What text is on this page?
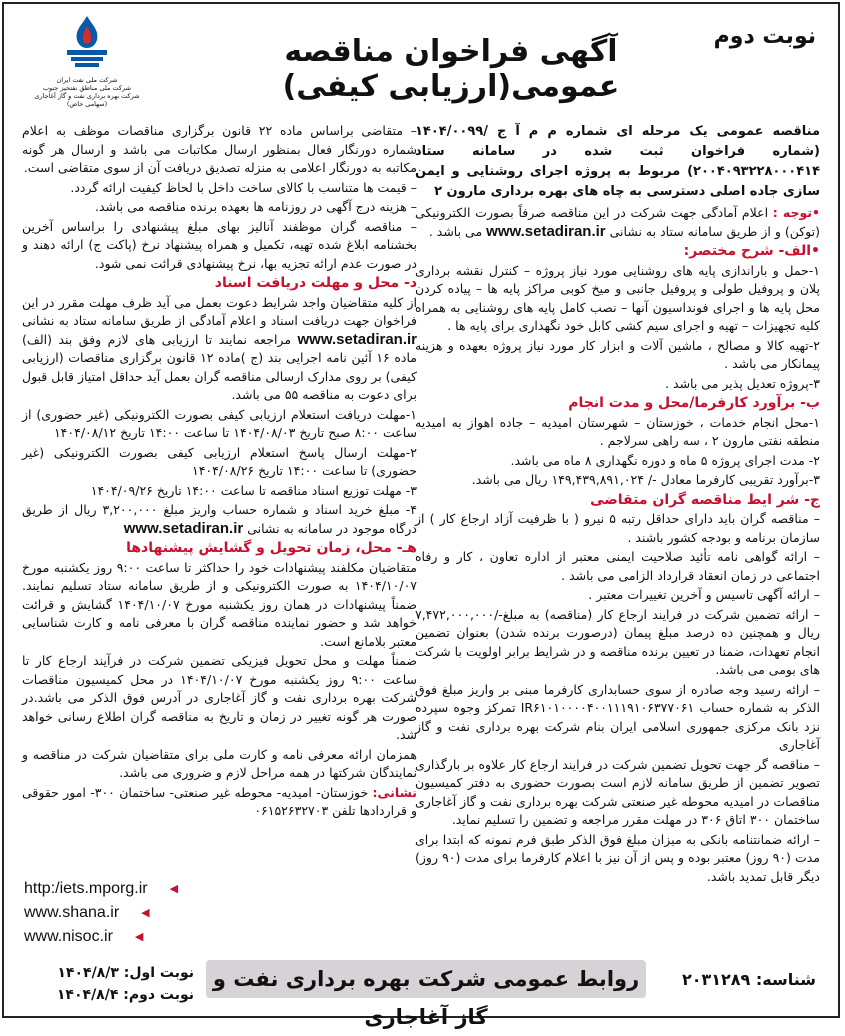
شرکت ملی نفت ایران
شرکت ملی مناطق نفتخیز جنوب
شرکت بهره برداری نفت و گاز آغاجاری
(سهامی خاص)
نوبت دوم
آگهی فراخوان مناقصه عمومی(ارزیابی کیفی)

مناقصه عمومی یک مرحله ای شماره م م آ ج /۱۴۰۴/۰۰۹۹ (شماره فراخوان ثبت شده در سامانه ستاد ۲۰۰۴۰۹۳۲۲۸۰۰۰۴۱۴) مربوط به پروژه اجرای روشنایی و ایمن سازی جاده اصلی دسترسی به چاه های بهره برداری مارون ۲

•توجه : اعلام آمادگی جهت شرکت در این مناقصه صرفاً بصورت الکترونیکی (توکن) و از طریق سامانه ستاد به نشانی www.setadiran.ir می باشد .

•الف- شرح مختصر:

۱-حمل و باراندازی پایه های روشنایی مورد نیاز پروژه – کنترل نقشه برداری پلان و پروفیل طولی و پروفیل جانبی و میخ کوبی مراکز پایه ها – پیاده کردن محل پایه ها و اجرای فونداسیون آنها – نصب کامل پایه های روشنایی به همراه کلیه تجهیزات – تهیه و اجرای سیم کشی کابل خود نگهداری برای پایه ها .

۲-تهیه کالا و مصالح ، ماشین آلات و ابزار کار مورد نیاز پروژه بعهده و هزینه پیمانکار می باشد .

۳-پروژه تعدیل پذیر می باشد .

ب- برآورد کارفرما/محل و مدت انجام

۱-محل انجام خدمات ، خوزستان – شهرستان امیدیه – جاده اهواز به امیدیه منطقه نفتی مارون ۲ ، سه راهی سرلاجم .

۲- مدت اجرای پروژه ۵ ماه و دوره نگهداری ۸ ماه می باشد.

۳-برآورد تقریبی کارفرما معادل -/ ۱۴۹,۴۳۹,۸۹۱,۰۲۴ ریال می باشد.

ج- شر ایط مناقصه گران متقاضی

– مناقصه گران باید دارای حداقل رتبه ۵ نیرو ( با ظرفیت آزاد ارجاع کار ) از سازمان برنامه و بودجه کشور باشند .

– ارائه گواهی نامه تأئید صلاحیت ایمنی معتبر از اداره تعاون ، کار و رفاه اجتماعی در زمان انعقاد قرارداد الزامی می باشد .

– ارائه آگهی تاسیس و آخرین تغییرات معتبر .

– ارائه تضمین شرکت در فرایند ارجاع کار (مناقصه) به مبلغ-/۷,۴۷۲,۰۰۰,۰۰۰ ریال و همچنین ده درصد مبلغ پیمان (درصورت برنده شدن) بعنوان تضمین انجام تعهدات، ضمنا در تعیین برنده مناقصه و در شرایط برابر اولویت با شرکت های بومی می باشد.

– ارائه رسید وجه صادره از سوی حسابداری کارفرما مبنی بر واریز مبلغ فوق الذکر به شماره حساب IR۶۱۰۱۰۰۰۰۴۰۰۱۱۱۹۱۰۶۳۷۷۰۶۱ تمرکز وجوه سپرده نزد بانک مرکزی جمهوری اسلامی ایران بنام شرکت بهره برداری نفت و گاز آغاجاری

– مناقصه گر جهت تحویل تضمین شرکت در فرایند ارجاع کار علاوه بر بارگذاری تصویر تضمین از طریق سامانه لازم است بصورت حضوری به دفتر کمیسیون مناقصات در امیدیه محوطه غیر صنعتی شرکت بهره برداری نفت و گاز آغاجاری ساختمان ۳۰۰ اتاق ۳۰۶ در مهلت مقرر مراجعه و تضمین را تسلیم نماید.

– ارائه ضمانتنامه بانکی به میزان مبلغ فوق الذکر طبق فرم نمونه که ابتدا برای مدت (۹۰ روز) معتبر بوده و پس از آن نیز با اعلام کارفرما برای مدت (۹۰ روز) دیگر قابل تمدید باشد.

– متقاضی براساس ماده ۲۲ قانون برگزاری مناقصات موظف به اعلام شماره دورنگار فعال بمنظور ارسال مکاتبات می باشد و ارسال هر گونه مکاتبه به دورنگار اعلامی به منزله تصدیق دریافت آن از سوی متقاضی است.

– قیمت ها متناسب با کالای ساخت داخل با لحاظ کیفیت ارائه گردد.

– هزینه درج آگهی در روزنامه ها بعهده برنده مناقصه می باشد.

– مناقصه گران موظفند آنالیز بهای مبلغ پیشنهادی را براساس آخرین بخشنامه ابلاغ شده تهیه، تکمیل و همراه پیشنهاد نرخ (پاکت ج) ارائه دهند و در صورت عدم ارائه تجزیه بها، نرخ پیشنهادی قرائت نمی شود.

د- محل و مهلت دریافت اسناد

از کلیه متقاضیان واجد شرایط دعوت بعمل می آید ظرف مهلت مقرر در این فراخوان جهت دریافت اسناد و اعلام آمادگی از طریق سامانه ستاد به نشانی www.setadiran.ir مراجعه نمایند تا ارزیابی های لازم وفق بند (الف) ماده ۱۶ آئین نامه اجرایی بند (ج )ماده ۱۲ قانون برگزاری مناقصات (ارزیابی کیفی) بر روی مدارک ارسالی مناقصه گران بعمل آید حداقل امتیاز قابل قبول برای دعوت به مناقصه ۵۵ می باشد.

۱-مهلت دریافت استعلام ارزیابی کیفی بصورت الکترونیکی (غیر حضوری) از ساعت ۸:۰۰ صبح تاریخ ۱۴۰۴/۰۸/۰۳ تا ساعت ۱۴:۰۰ تاریخ ۱۴۰۴/۰۸/۱۲

۲-مهلت ارسال پاسخ استعلام ارزیابی کیفی بصورت الکترونیکی (غیر حضوری) تا ساعت ۱۴:۰۰ تاریخ ۱۴۰۴/۰۸/۲۶

۳- مهلت توزیع اسناد مناقصه تا ساعت ۱۴:۰۰ تاریخ ۱۴۰۴/۰۹/۲۶

۴- مبلغ خرید اسناد و شماره حساب واریز مبلغ ۳,۲۰۰,۰۰۰ ریال از طریق درگاه موجود در سامانه به نشانی www.setadiran.ir

هـ- محل، زمان تحویل و گشایش پیشنهادها

متقاضیان مکلفند پیشنهادات خود را حداکثر تا ساعت ۹:۰۰ روز یکشنبه مورخ ۱۴۰۴/۱۰/۰۷ به صورت الکترونیکی و از طریق سامانه ستاد تسلیم نمایند. ضمناً پیشنهادات در همان روز یکشنبه مورخ ۱۴۰۴/۱۰/۰۷ گشایش و قرائت خواهد شد و حضور نماینده مناقصه گران با معرفی نامه و کارت شناسایی معتبر بلامانع است.

ضمناً مهلت و محل تحویل فیزیکی تضمین شرکت در فرآیند ارجاع کار تا ساعت ۹:۰۰ روز یکشنبه مورخ ۱۴۰۴/۱۰/۰۷ در محل کمیسیون مناقصات شرکت بهره برداری نفت و گاز آغاجاری در آدرس فوق الذکر می باشد.در صورت هر گونه تغییر در زمان و تاریخ به مناقصه گران اطلاع رسانی خواهد شد.

همزمان ارائه معرفی نامه و کارت ملی برای متقاضیان شرکت در مناقصه و نمایندگان شرکتها در همه مراحل لازم و ضروری می باشد.

نشانی: خوزستان- امیدیه- محوطه غیر صنعتی- ساختمان ۳۰۰- امور حقوقی و قراردادها تلفن ۰۶۱۵۲۶۳۲۷۰۳

http:/iets.mporg.ir ◀
www.shana.ir ◀
www.nisoc.ir ◀
نوبت اول: ۱۴۰۴/۸/۳
نوبت دوم: ۱۴۰۴/۸/۴
روابط عمومی شرکت بهره برداری نفت و گاز آغاجاری
شناسه: ۲۰۳۱۲۸۹
